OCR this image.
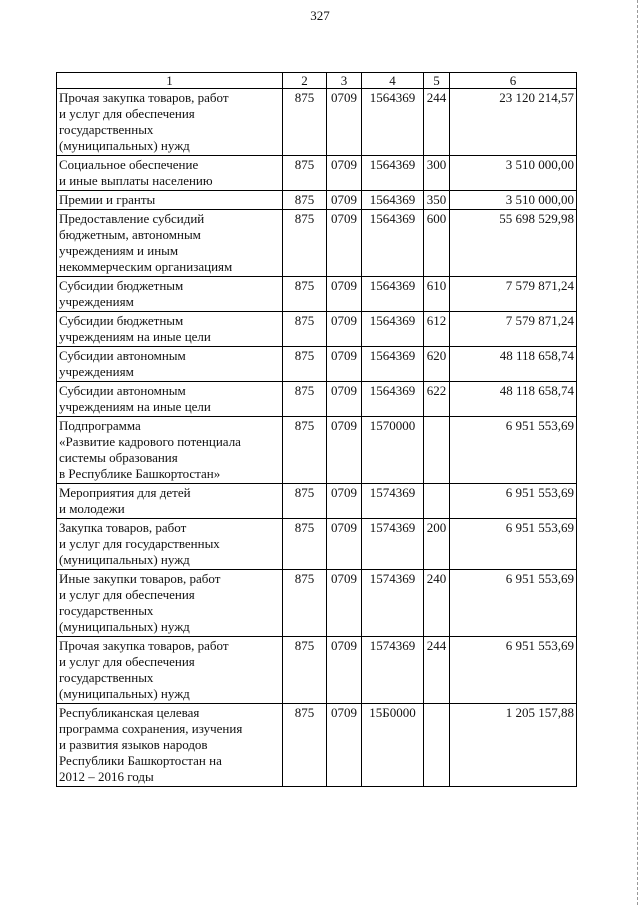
327
1	2	3	4	5	6
Прочая закупка товаров, работ
и услуг для обеспечения
государственных
(муниципальных) нужд	875	0709	1564369	244	23 120 214,57
Социальное обеспечение
и иные выплаты населению	875	0709	1564369	300	3 510 000,00
Премии и гранты	875	0709	1564369	350	3 510 000,00
Предоставление субсидий
бюджетным, автономным
учреждениям и иным
некоммерческим организациям	875	0709	1564369	600	55 698 529,98
Субсидии бюджетным
учреждениям	875	0709	1564369	610	7 579 871,24
Субсидии бюджетным
учреждениям на иные цели	875	0709	1564369	612	7 579 871,24
Субсидии автономным
учреждениям	875	0709	1564369	620	48 118 658,74
Субсидии автономным
учреждениям на иные цели	875	0709	1564369	622	48 118 658,74
Подпрограмма
«Развитие кадрового потенциала
системы образования
в Республике Башкортостан»	875	0709	1570000		6 951 553,69
Мероприятия для детей
и молодежи	875	0709	1574369		6 951 553,69
Закупка товаров, работ
и услуг для государственных
(муниципальных) нужд	875	0709	1574369	200	6 951 553,69
Иные закупки товаров, работ
и услуг для обеспечения
государственных
(муниципальных) нужд	875	0709	1574369	240	6 951 553,69
Прочая закупка товаров, работ
и услуг для обеспечения
государственных
(муниципальных) нужд	875	0709	1574369	244	6 951 553,69
Республиканская целевая
программа сохранения, изучения
и развития языков народов
Республики Башкортостан на
2012 – 2016 годы	875	0709	15Б0000		1 205 157,88
